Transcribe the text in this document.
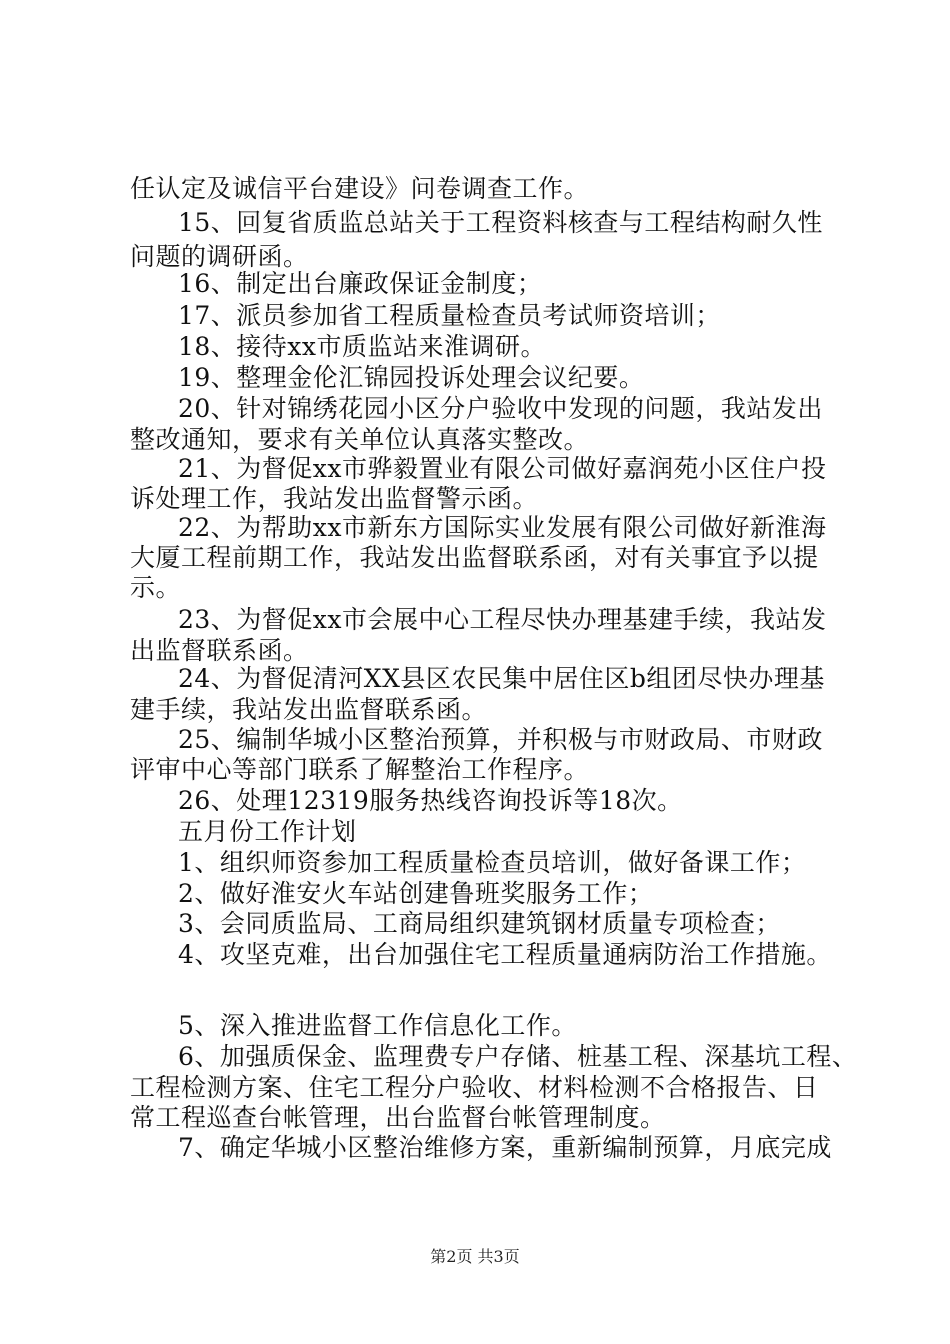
任认定及诚信平台建设》问卷调查工作。
15、回复省质监总站关于工程资料核查与工程结构耐久性
问题的调研函。
16、制定出台廉政保证金制度；
17、派员参加省工程质量检查员考试师资培训；
18、接待xx市质监站来淮调研。
19、整理金伦汇锦园投诉处理会议纪要。
20、针对锦绣花园小区分户验收中发现的问题，我站发出
整改通知，要求有关单位认真落实整改。
21、为督促xx市骅毅置业有限公司做好嘉润苑小区住户投
诉处理工作，我站发出监督警示函。
22、为帮助xx市新东方国际实业发展有限公司做好新淮海
大厦工程前期工作，我站发出监督联系函，对有关事宜予以提
示。
23、为督促xx市会展中心工程尽快办理基建手续，我站发
出监督联系函。
24、为督促清河XX县区农民集中居住区b组团尽快办理基
建手续，我站发出监督联系函。
25、编制华城小区整治预算，并积极与市财政局、市财政
评审中心等部门联系了解整治工作程序。
26、处理12319服务热线咨询投诉等18次。
五月份工作计划
1、组织师资参加工程质量检查员培训，做好备课工作；
2、做好淮安火车站创建鲁班奖服务工作；
3、会同质监局、工商局组织建筑钢材质量专项检查；
4、攻坚克难，出台加强住宅工程质量通病防治工作措施。
5、深入推进监督工作信息化工作。
6、加强质保金、监理费专户存储、桩基工程、深基坑工程、
工程检测方案、住宅工程分户验收、材料检测不合格报告、日
常工程巡查台帐管理，出台监督台帐管理制度。
7、确定华城小区整治维修方案，重新编制预算，月底完成
第2页 共3页
